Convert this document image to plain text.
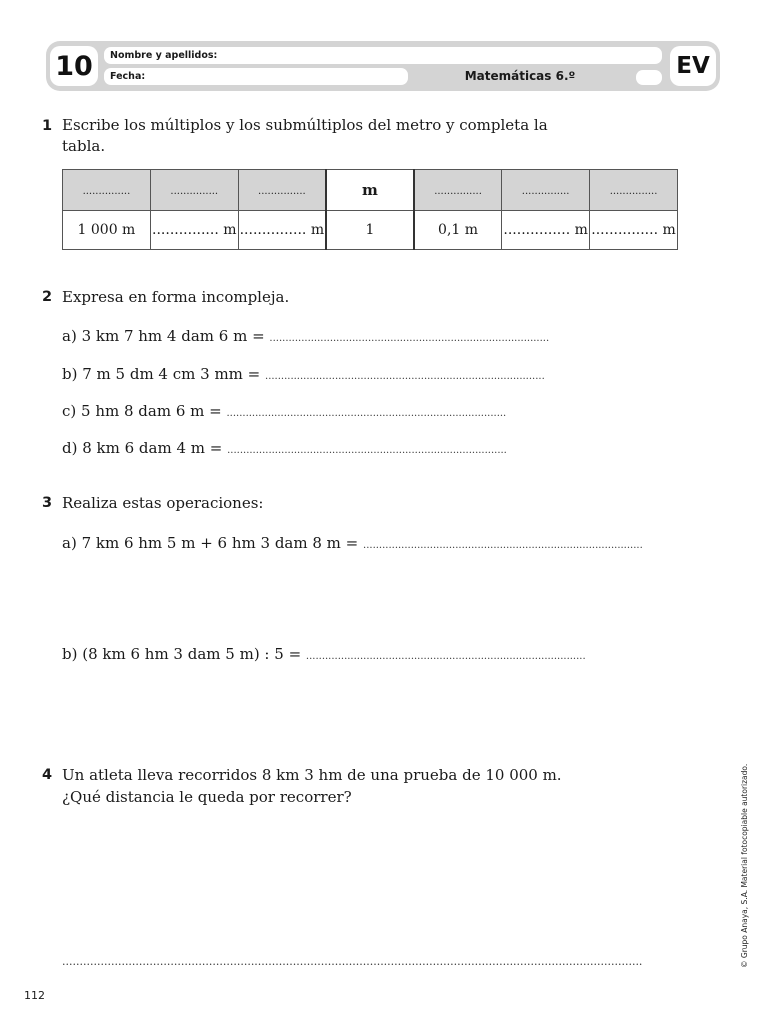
10	Nombre y apellidos:
Fecha:	Matemáticas 6.º	EV
1 Escribe los múltiplos y los submúltiplos del metro y completa la tabla.
...............	...............	...............	m	...............	...............	...............
1 000 m	............... m	............... m	1	0,1 m	............... m	............... m
2 Expresa en forma incompleja.
a) 3 km 7 hm 4 dam 6 m = ........................................................................................
b) 7 m 5 dm 4 cm 3 mm = ........................................................................................
c) 5 hm 8 dam 6 m = ........................................................................................
d) 8 km 6 dam 4 m = ........................................................................................
3 Realiza estas operaciones:
a) 7 km 6 hm 5 m + 6 hm 3 dam 8 m = ........................................................................................
b) (8 km 6 hm 3 dam 5 m) : 5 = ........................................................................................
4 Un atleta lleva recorridos 8 km 3 hm de una prueba de 10 000 m.
¿Qué distancia le queda por recorrer?
......................................................................................................................................................................	© Grupo Anaya, S.A. Material fotocopiable autorizado.
112
